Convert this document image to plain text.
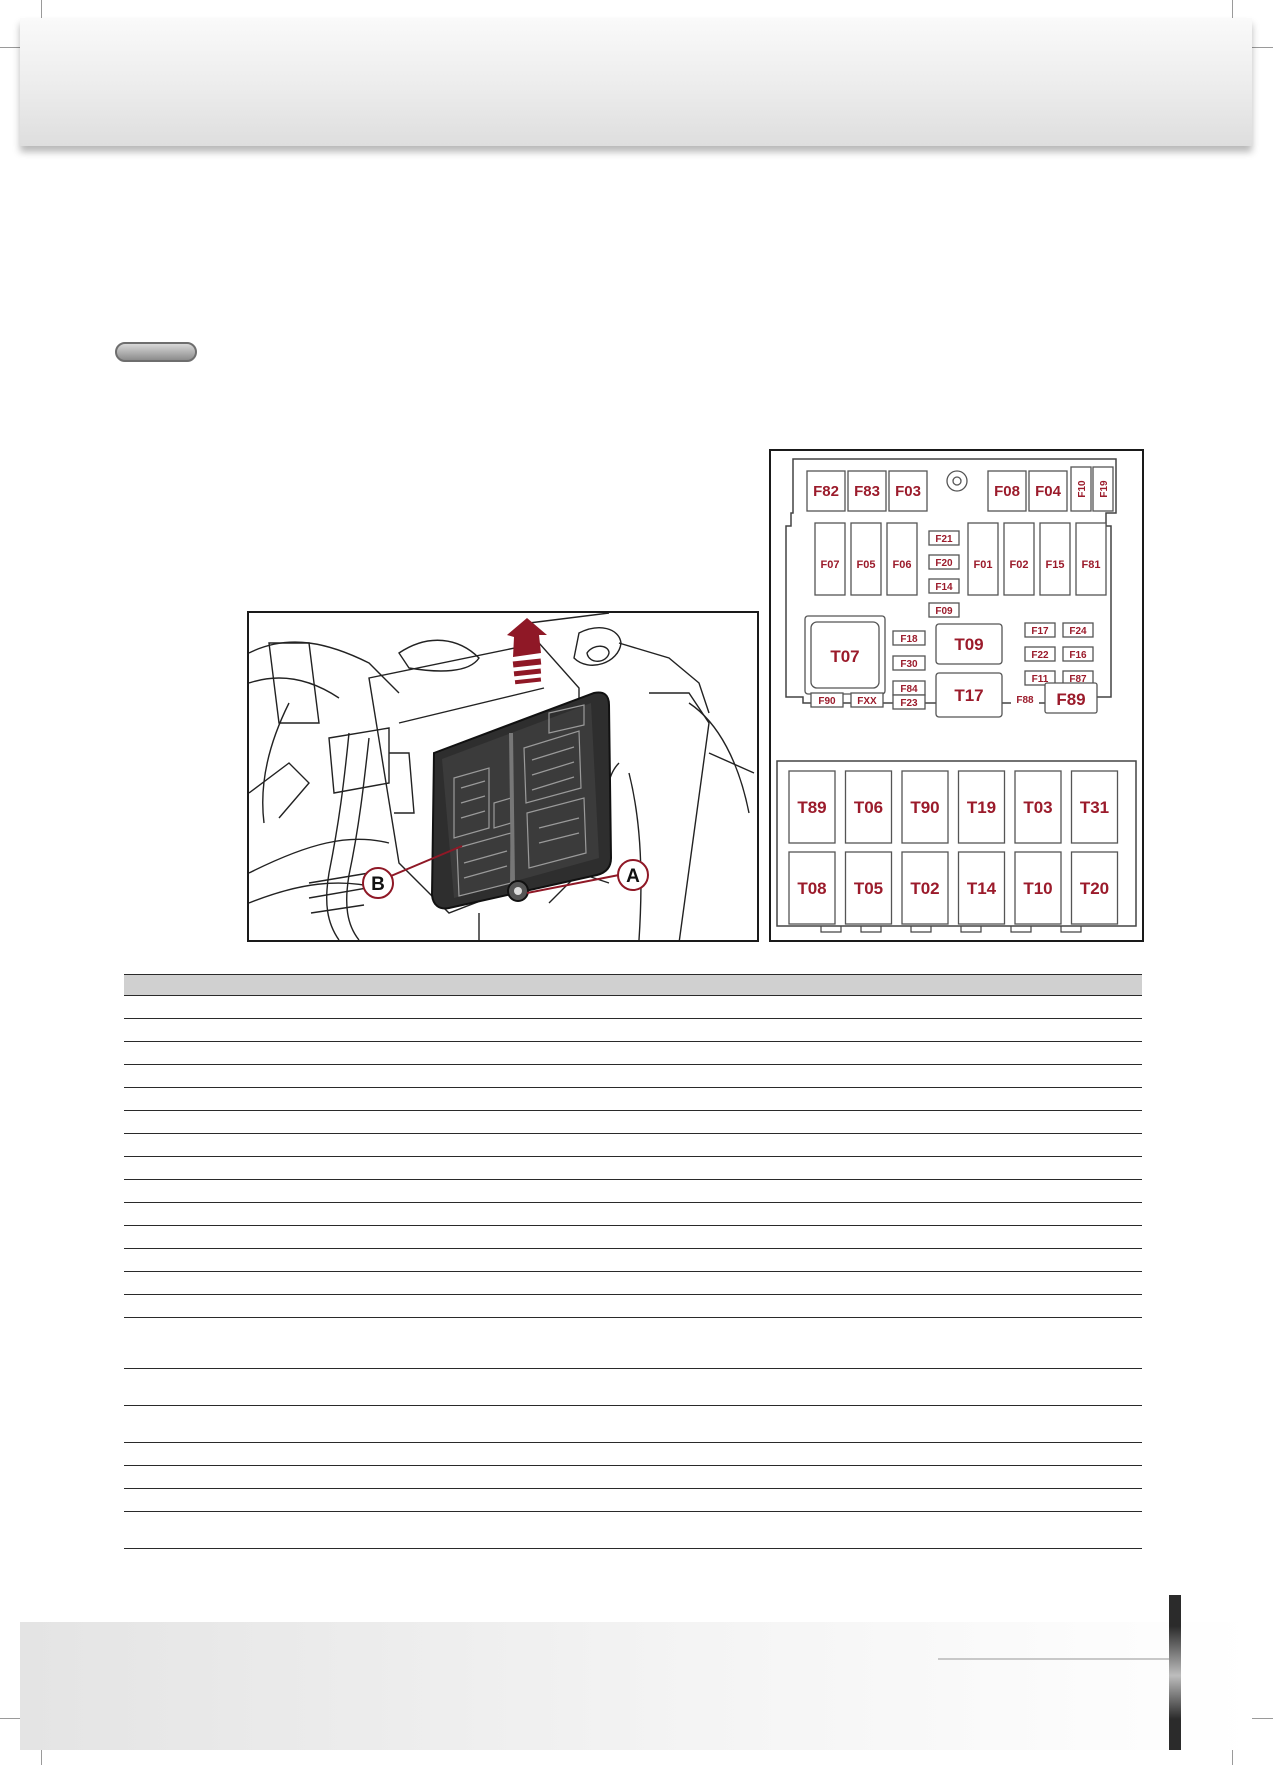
B	A
F82 F83 F03	F08 F04 F10 F19
F07 F05 F06	F01 F02 F15 F81
F21
F20
F14
F09
T07
F18
F30
F84
F23
T09
T17
F17 F24
F22 F16
F11 F87
F90 FXX	F88 F89
T89 T06 T90 T19 T03 T31
T08 T05 T02 T14 T10 T20
